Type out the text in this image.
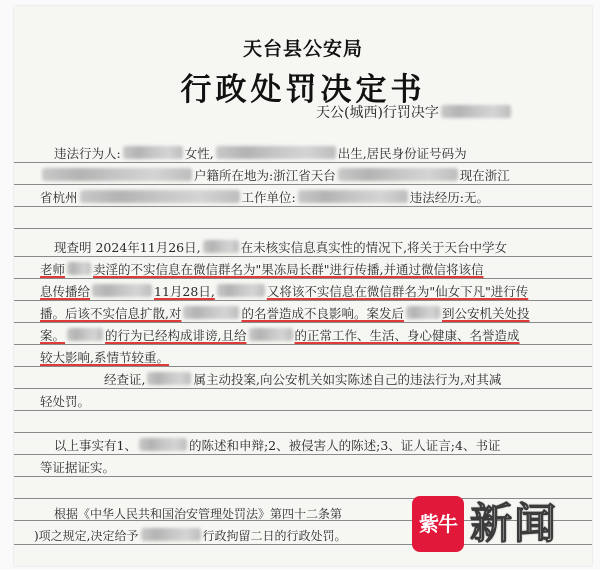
天台县公安局
行政处罚决定书
天公(城西)行罚决字
违法行为人:	女性,	出生,居民身份证号码为
户籍所在地为:浙江省天台	现在浙江
省杭州	工作单位:	违法经历:无。
现查明 2024年11月26日,	在未核实信息真实性的情况下,将关于天台中学女
老师 卖淫的不实信息在微信群名为"果冻局长群"进行传播,并通过微信将该信
息传播给	11月28日,	又将该不实信息在微信群名为"仙女下凡"进行传
播。后该不实信息扩散,对	的名誉造成不良影响。案发后	到公安机关处投
案。	的行为已经构成诽谤,且给	的正常工作、生活、身心健康、名誉造成
较大影响,系情节较重。
经查证,	属主动投案,向公安机关如实陈述自己的违法行为,对其减
轻处罚。
以上事实有1、	的陈述和申辩;2、被侵害人的陈述;3、证人证言;4、书证
等证据证实。
根据《中华人民共和国治安管理处罚法》第四十二条第
)项之规定,决定给予	行政拘留二日的行政处罚。	紫牛 新闻
